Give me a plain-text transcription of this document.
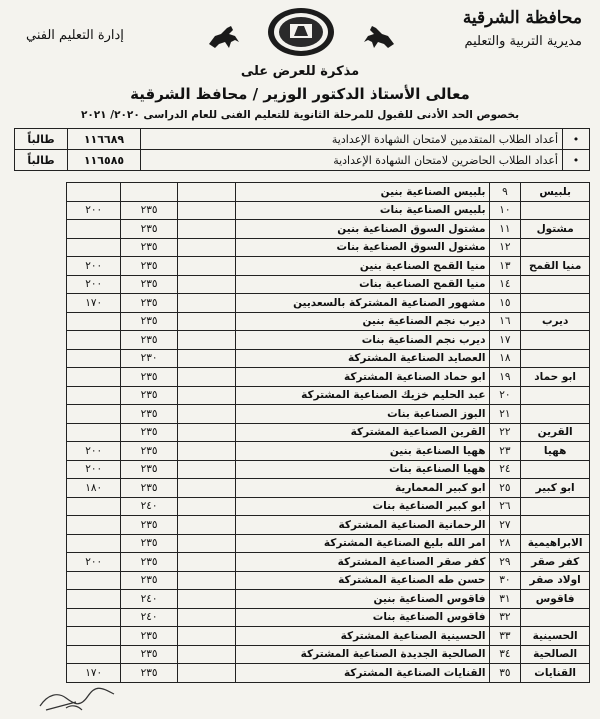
محافظة الشرقية
مديرية التربية والتعليم
إدارة التعليم الفني
مذكرة للعرض على
معالى الأستاذ الدكتور الوزير / محافظ الشرقية
بخصوص الحد الأدنى للقبول للمرحلة الثانوية للتعليم الفنى للعام الدراسى ٢٠٢٠/ ٢٠٢١
•	أعداد الطلاب المتقدمين لامتحان الشهادة الإعدادية	١١٦٦٨٩	طالباً
•	أعداد الطلاب الحاضرين لامتحان الشهادة الإعدادية	١١٦٥٨٥	طالباً
بلبيس	٩	بلبيس الصناعية بنين			
	١٠	بلبيس الصناعية بنات		٢٣٥	٢٠٠
مشتول	١١	مشتول السوق الصناعية بنين		٢٣٥	
	١٢	مشتول السوق الصناعية بنات		٢٣٥	
منيا القمح	١٣	منيا القمح الصناعية بنين		٢٣٥	٢٠٠
	١٤	منيا القمح الصناعية بنات		٢٣٥	٢٠٠
	١٥	مشهور الصناعية المشتركة بالسعديين		٢٣٥	١٧٠
ديرب	١٦	ديرب نجم الصناعية بنين		٢٣٥	
	١٧	ديرب نجم الصناعية بنات		٢٣٥	
	١٨	العصايد الصناعية المشتركة		٢٣٠	
ابو حماد	١٩	ابو حماد الصناعية المشتركة		٢٣٥	
	٢٠	عبد الحليم خزيك الصناعية المشتركة		٢٣٥	
	٢١	البوز الصناعية بنات		٢٣٥	
القرين	٢٢	القرين الصناعية المشتركة		٢٣٥	
ههيا	٢٣	ههيا الصناعية بنين		٢٣٥	٢٠٠
	٢٤	ههيا الصناعية بنات		٢٣٥	٢٠٠
ابو كبير	٢٥	ابو كبير المعمارية		٢٣٥	١٨٠
	٢٦	ابو كبير الصناعية بنات		٢٤٠	
	٢٧	الرحمانية الصناعية المشتركة		٢٣٥	
الابراهيمية	٢٨	امر الله بليغ الصناعية المشتركة		٢٣٥	
كفر صقر	٢٩	كفر صقر الصناعية المشتركة		٢٣٥	٢٠٠
اولاد صقر	٣٠	حسن طه الصناعية المشتركة		٢٣٥	
فاقوس	٣١	فاقوس الصناعية بنين		٢٤٠	
	٣٢	فاقوس الصناعية بنات		٢٤٠	
الحسينية	٣٣	الحسينية الصناعية المشتركة		٢٣٥	
الصالحية	٣٤	الصالحية الجديدة الصناعية المشتركة		٢٣٥	
القنايات	٣٥	القنايات الصناعية المشتركة		٢٣٥	١٧٠
